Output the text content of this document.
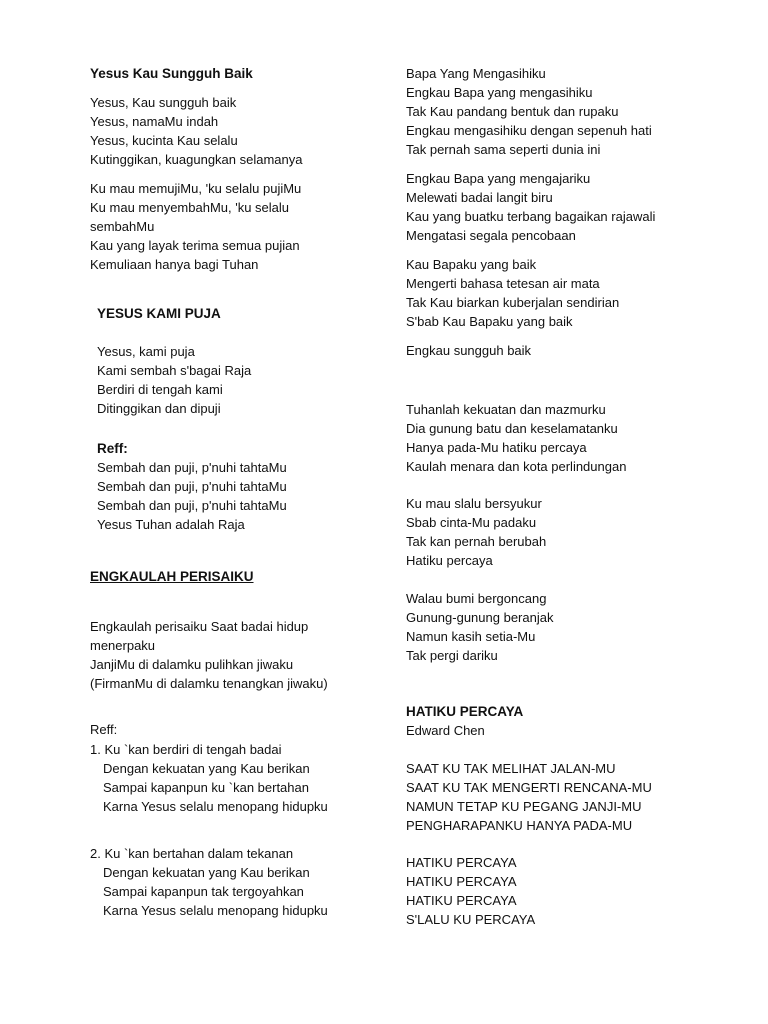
Yesus Kau Sungguh Baik
Yesus, Kau sungguh baik
Yesus, namaMu indah
Yesus, kucinta Kau selalu
Kutinggikan, kuagungkan selamanya
Ku mau memujiMu, 'ku selalu pujiMu
Ku mau menyembahMu, 'ku selalu
sembahMu
Kau yang layak terima semua pujian
Kemuliaan hanya bagi Tuhan
YESUS KAMI PUJA
Yesus, kami puja
Kami sembah s'bagai Raja
Berdiri di tengah kami
Ditinggikan dan dipuji
Reff:
Sembah dan puji, p'nuhi tahtaMu
Sembah dan puji, p'nuhi tahtaMu
Sembah dan puji, p'nuhi tahtaMu
Yesus Tuhan adalah Raja
ENGKAULAH PERISAIKU
Engkaulah perisaiku Saat badai hidup
menerpaku
JanjiMu di dalamku pulihkan jiwaku
(FirmanMu di dalamku tenangkan jiwaku)
Reff:
1. Ku `kan berdiri di tengah badai
Dengan kekuatan yang Kau berikan
Sampai kapanpun ku `kan bertahan
Karna Yesus selalu menopang hidupku
2. Ku `kan bertahan dalam tekanan
Dengan kekuatan yang Kau berikan
Sampai kapanpun tak tergoyahkan
Karna Yesus selalu menopang hidupku
Bapa Yang Mengasihiku
Engkau Bapa yang mengasihiku
Tak Kau pandang bentuk dan rupaku
Engkau mengasihiku dengan sepenuh hati
Tak pernah sama seperti dunia ini
Engkau Bapa yang mengajariku
Melewati badai langit biru
Kau yang buatku terbang bagaikan rajawali
Mengatasi segala pencobaan
Kau Bapaku yang baik
Mengerti bahasa tetesan air mata
Tak Kau biarkan kuberjalan sendirian
S'bab Kau Bapaku yang baik
Engkau sungguh baik
Tuhanlah kekuatan dan mazmurku
Dia gunung batu dan keselamatanku
Hanya pada-Mu hatiku percaya
Kaulah menara dan kota perlindungan
Ku mau slalu bersyukur
Sbab cinta-Mu padaku
Tak kan pernah berubah
Hatiku percaya
Walau bumi bergoncang
Gunung-gunung beranjak
Namun kasih setia-Mu
Tak pergi dariku
HATIKU PERCAYA
Edward Chen
SAAT KU TAK MELIHAT JALAN-MU
SAAT KU TAK MENGERTI RENCANA-MU
NAMUN TETAP KU PEGANG JANJI-MU
PENGHARAPANKU HANYA PADA-MU
HATIKU PERCAYA
HATIKU PERCAYA
HATIKU PERCAYA
S'LALU KU PERCAYA
